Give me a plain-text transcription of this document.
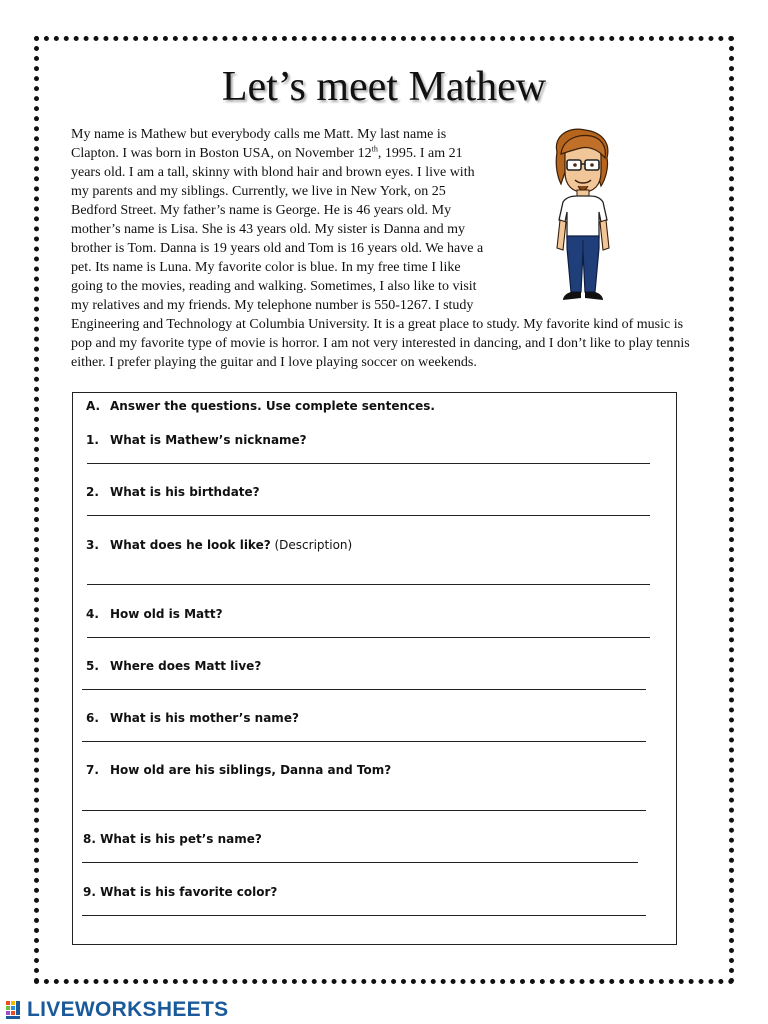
Let’s meet Mathew
My name is Mathew but everybody calls me Matt. My last name is
Clapton. I was born in Boston USA, on November 12th, 1995. I am 21
years old. I am a tall, skinny with blond hair and brown eyes. I live with
my parents and my siblings. Currently, we live in New York, on 25
Bedford Street. My father’s name is George. He is 46 years old. My
mother’s name is Lisa. She is 43 years old. My sister is Danna and my
brother is Tom. Danna is 19 years old and Tom is 16 years old. We have a
pet. Its name is Luna. My favorite color is blue. In my free time I like
going to the movies, reading and walking. Sometimes, I also like to visit
my relatives and my friends. My telephone number is 550-1267. I study
Engineering and Technology at Columbia University. It is a great place to study. My favorite kind of music is
pop and my favorite type of movie is horror. I am not very interested in dancing, and I don’t like to play tennis
either. I prefer playing the guitar and I love playing soccer on weekends.
A. Answer the questions. Use complete sentences.
1. What is Mathew’s nickname?
2. What is his birthdate?
3. What does he look like? (Description)
4. How old is Matt?
5. Where does Matt live?
6. What is his mother’s name?
7. How old are his siblings, Danna and Tom?
8. What is his pet’s name?
9. What is his favorite color?
LIVEWORKSHEETS
